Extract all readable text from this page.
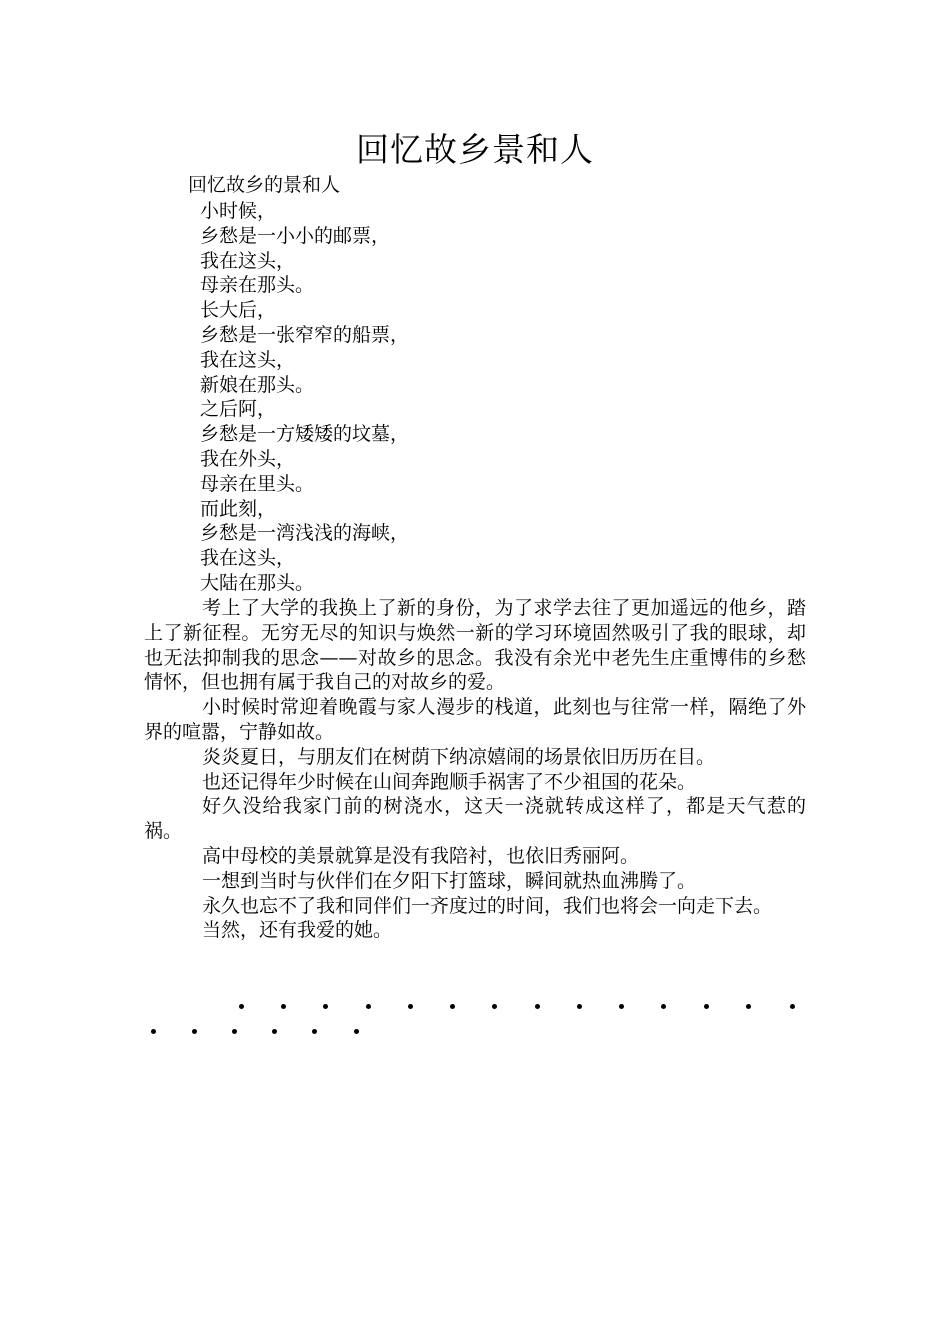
回忆故乡景和人
回忆故乡的景和人
小时候，
乡愁是一小小的邮票，
我在这头，
母亲在那头。
长大后，
乡愁是一张窄窄的船票，
我在这头，
新娘在那头。
之后阿，
乡愁是一方矮矮的坟墓，
我在外头，
母亲在里头。
而此刻，
乡愁是一湾浅浅的海峡，
我在这头，
大陆在那头。

考上了大学的我换上了新的身份，为了求学去往了更加遥远的他乡，踏上了新征程。无穷无尽的知识与焕然一新的学习环境固然吸引了我的眼球，却也无法抑制我的思念——对故乡的思念。我没有余光中老先生庄重博伟的乡愁情怀，但也拥有属于我自己的对故乡的爱。

小时候时常迎着晚霞与家人漫步的栈道，此刻也与往常一样，隔绝了外界的喧嚣，宁静如故。

炎炎夏日，与朋友们在树荫下纳凉嬉闹的场景依旧历历在目。

也还记得年少时候在山间奔跑顺手祸害了不少祖国的花朵。

好久没给我家门前的树浇水，这天一浇就转成这样了，都是天气惹的祸。

高中母校的美景就算是没有我陪衬，也依旧秀丽阿。

一想到当时与伙伴们在夕阳下打篮球，瞬间就热血沸腾了。

永久也忘不了我和同伴们一齐度过的时间，我们也将会一向走下去。

当然，还有我爱的她。
